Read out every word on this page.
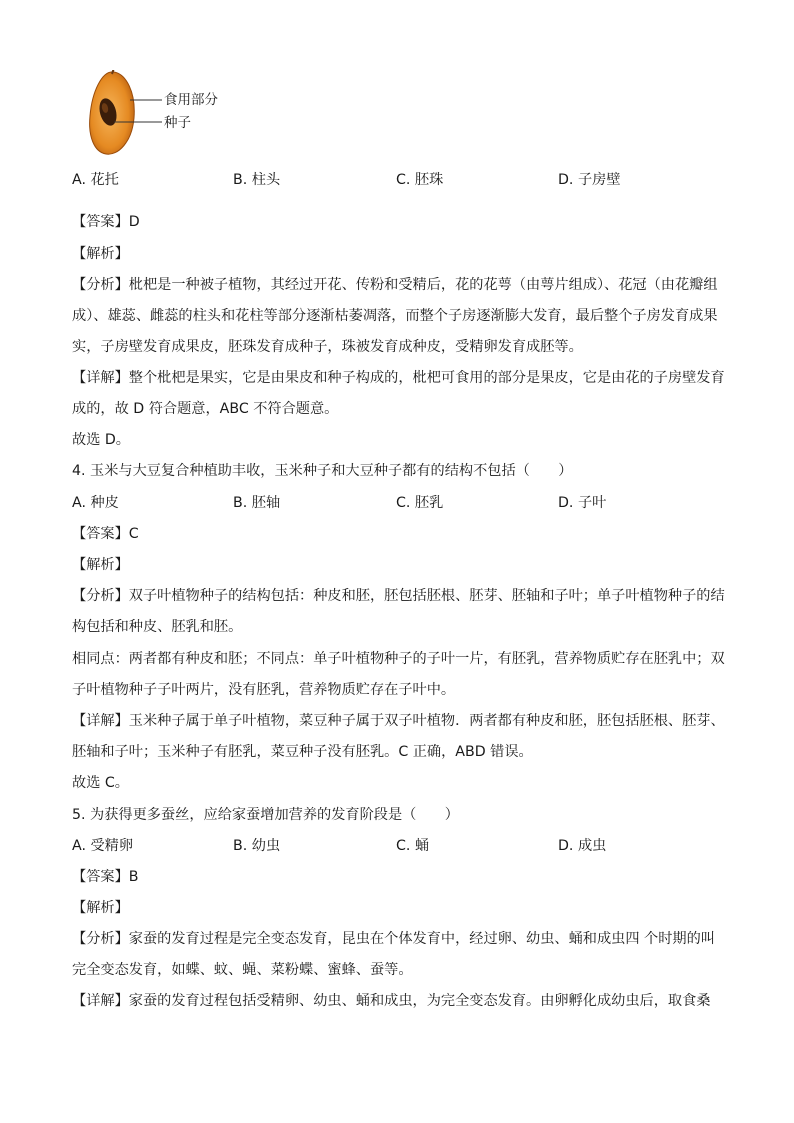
食用部分
种子
A. 花托	B. 柱头	C. 胚珠	D. 子房壁
【答案】D
【解析】
【分析】枇杷是一种被子植物，其经过开花、传粉和受精后，花的花萼（由萼片组成）、花冠（由花瓣组
成）、雄蕊、雌蕊的柱头和花柱等部分逐渐枯萎凋落，而整个子房逐渐膨大发育，最后整个子房发育成果
实，子房壁发育成果皮，胚珠发育成种子，珠被发育成种皮，受精卵发育成胚等。
【详解】整个枇杷是果实，它是由果皮和种子构成的，枇杷可食用的部分是果皮，它是由花的子房壁发育
成的，故 D 符合题意，ABC 不符合题意。
故选 D。
4. 玉米与大豆复合种植助丰收，玉米种子和大豆种子都有的结构不包括（　　）
A. 种皮	B. 胚轴	C. 胚乳	D. 子叶
【答案】C
【解析】
【分析】双子叶植物种子的结构包括：种皮和胚，胚包括胚根、胚芽、胚轴和子叶；单子叶植物种子的结
构包括和种皮、胚乳和胚。
相同点：两者都有种皮和胚；不同点：单子叶植物种子的子叶一片，有胚乳，营养物质贮存在胚乳中；双
子叶植物种子子叶两片，没有胚乳，营养物质贮存在子叶中。
【详解】玉米种子属于单子叶植物，菜豆种子属于双子叶植物．两者都有种皮和胚，胚包括胚根、胚芽、
胚轴和子叶；玉米种子有胚乳，菜豆种子没有胚乳。C 正确，ABD 错误。
故选 C。
5. 为获得更多蚕丝，应给家蚕增加营养的发育阶段是（　　）
A. 受精卵	B. 幼虫	C. 蛹	D. 成虫
【答案】B
【解析】
【分析】家蚕的发育过程是完全变态发育，昆虫在个体发育中，经过卵、幼虫、蛹和成虫四 个时期的叫
完全变态发育，如蝶、蚊、蝇、菜粉蝶、蜜蜂、蚕等。
【详解】家蚕的发育过程包括受精卵、幼虫、蛹和成虫，为完全变态发育。由卵孵化成幼虫后，取食桑
